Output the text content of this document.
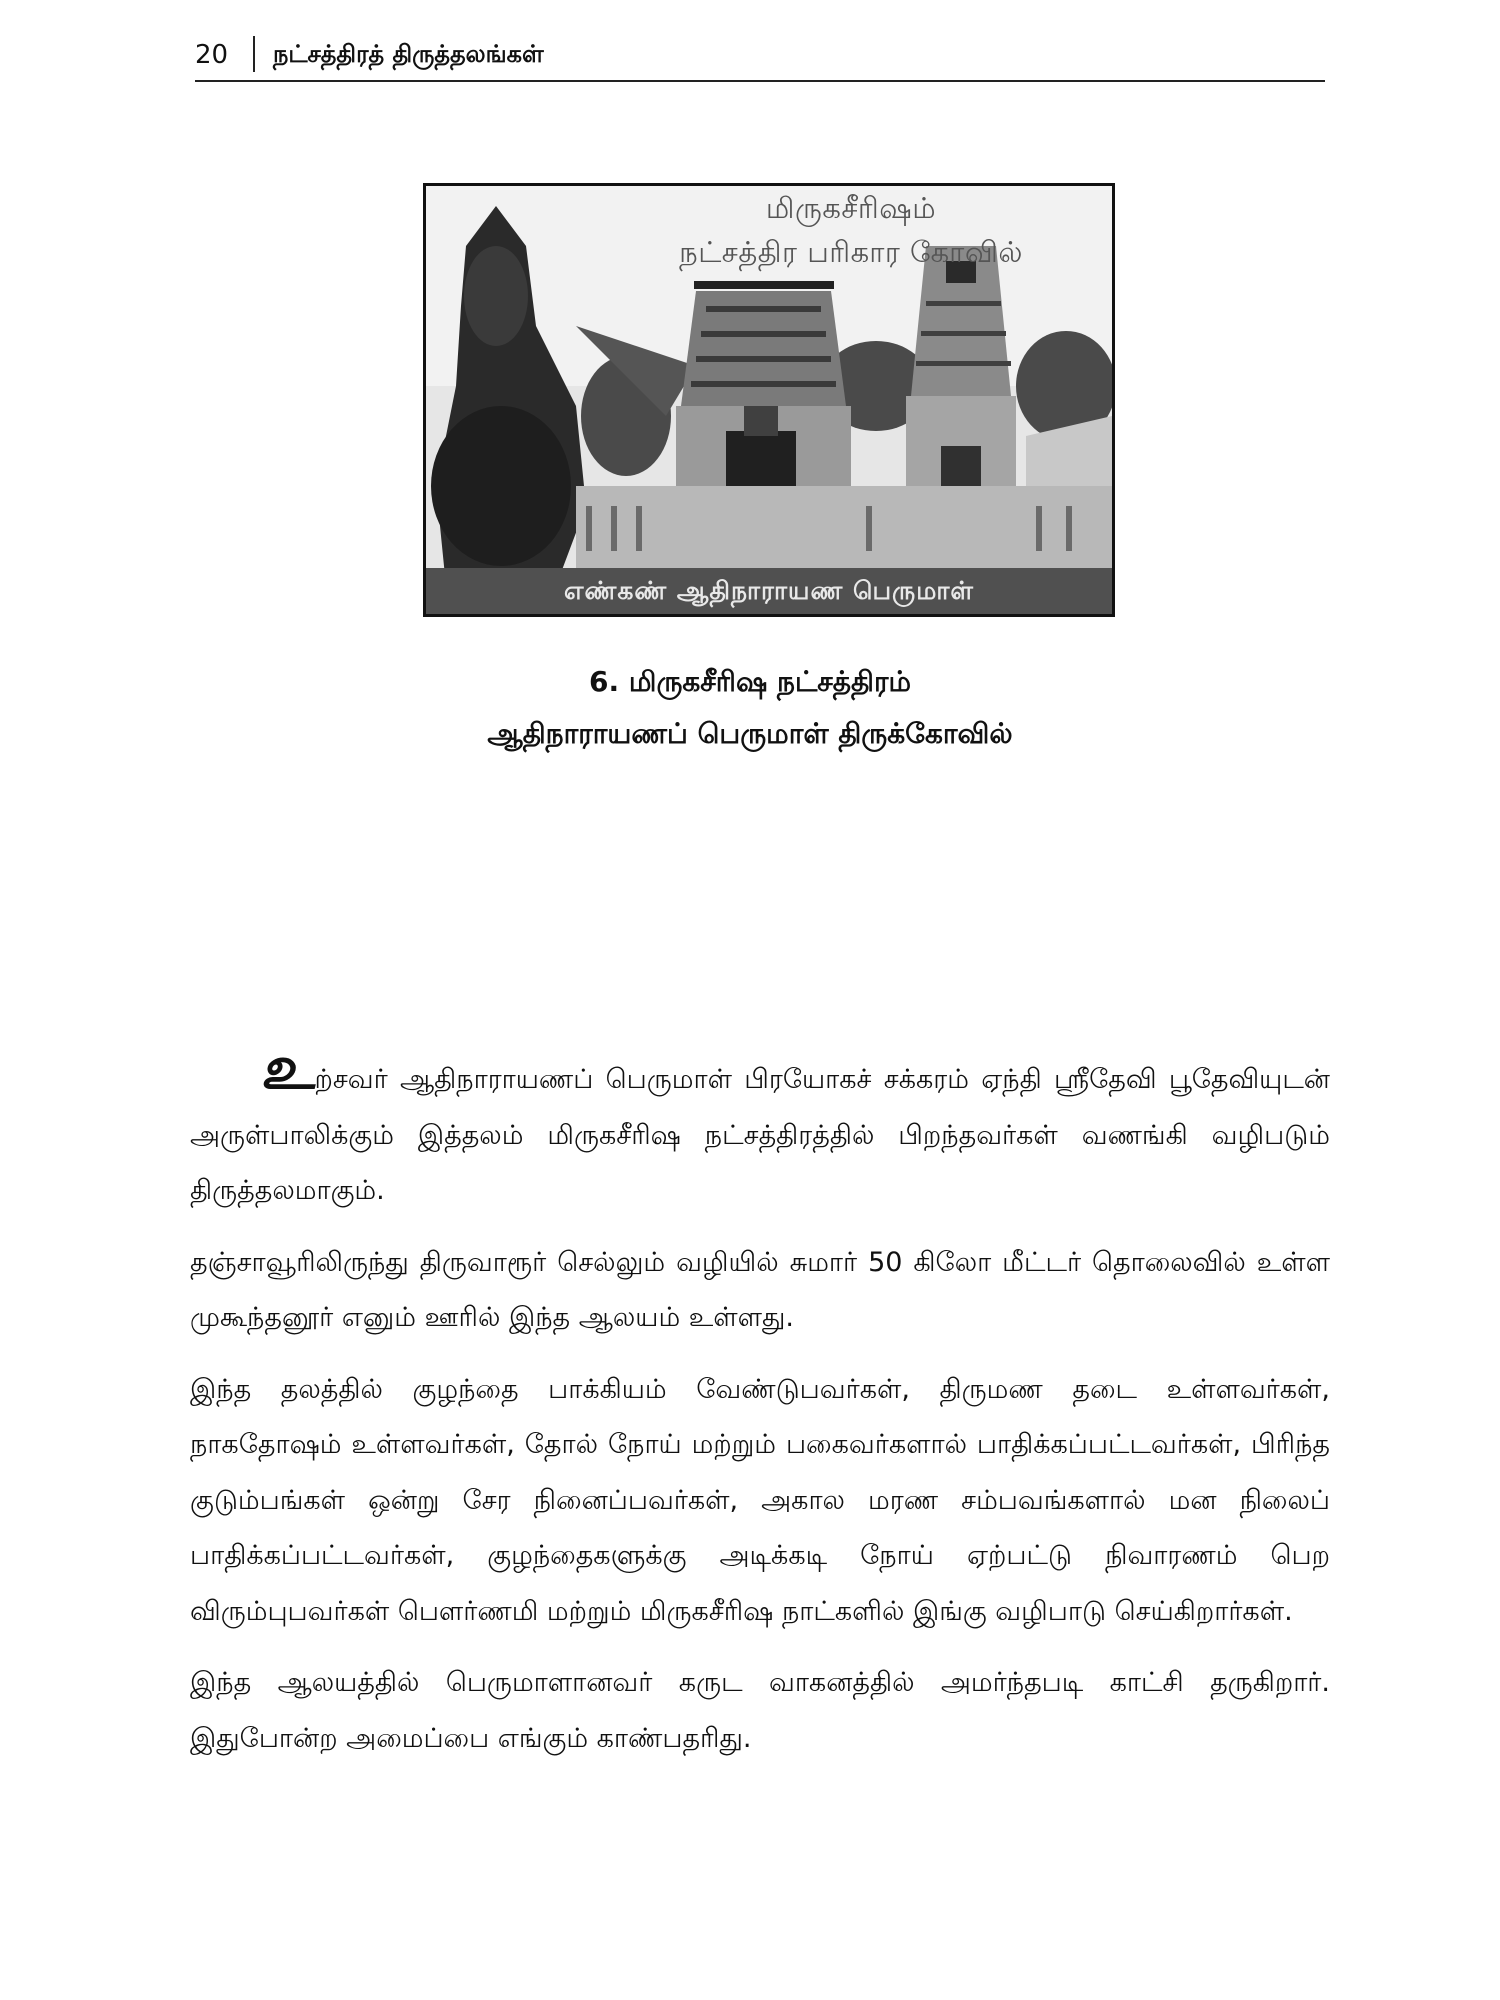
20 நட்சத்திரத் திருத்தலங்கள்
மிருகசீரிஷம்
நட்சத்திர பரிகார கோவில்
எண்கண் ஆதிநாராயண பெருமாள்
6. மிருகசீரிஷ நட்சத்திரம்
ஆதிநாராயணப் பெருமாள் திருக்கோவில்

உற்சவர் ஆதிநாராயணப் பெருமாள் பிரயோகச் சக்கரம் ஏந்தி ஸ்ரீதேவி பூதேவியுடன் அருள்பாலிக்கும் இத்தலம் மிருகசீரிஷ நட்சத்திரத்தில் பிறந்தவர்கள் வணங்கி வழிபடும் திருத்தலமாகும்.

தஞ்சாவூரிலிருந்து திருவாரூர் செல்லும் வழியில் சுமார் 50 கிலோ மீட்டர் தொலைவில் உள்ள முகூந்தனூர் எனும் ஊரில் இந்த ஆலயம் உள்ளது.

இந்த தலத்தில் குழந்தை பாக்கியம் வேண்டுபவர்கள், திருமண தடை உள்ளவர்கள், நாகதோஷம் உள்ளவர்கள், தோல் நோய் மற்றும் பகைவர்களால் பாதிக்கப்பட்டவர்கள், பிரிந்த குடும்பங்கள் ஒன்று சேர நினைப்பவர்கள், அகால மரண சம்பவங்களால் மன நிலைப் பாதிக்கப்பட்டவர்கள், குழந்தைகளுக்கு அடிக்கடி நோய் ஏற்பட்டு நிவாரணம் பெற விரும்புபவர்கள் பௌர்ணமி மற்றும் மிருகசீரிஷ நாட்களில் இங்கு வழிபாடு செய்கிறார்கள்.

இந்த ஆலயத்தில் பெருமாளானவர் கருட வாகனத்தில் அமர்ந்தபடி காட்சி தருகிறார். இதுபோன்ற அமைப்பை எங்கும் காண்பதரிது.
